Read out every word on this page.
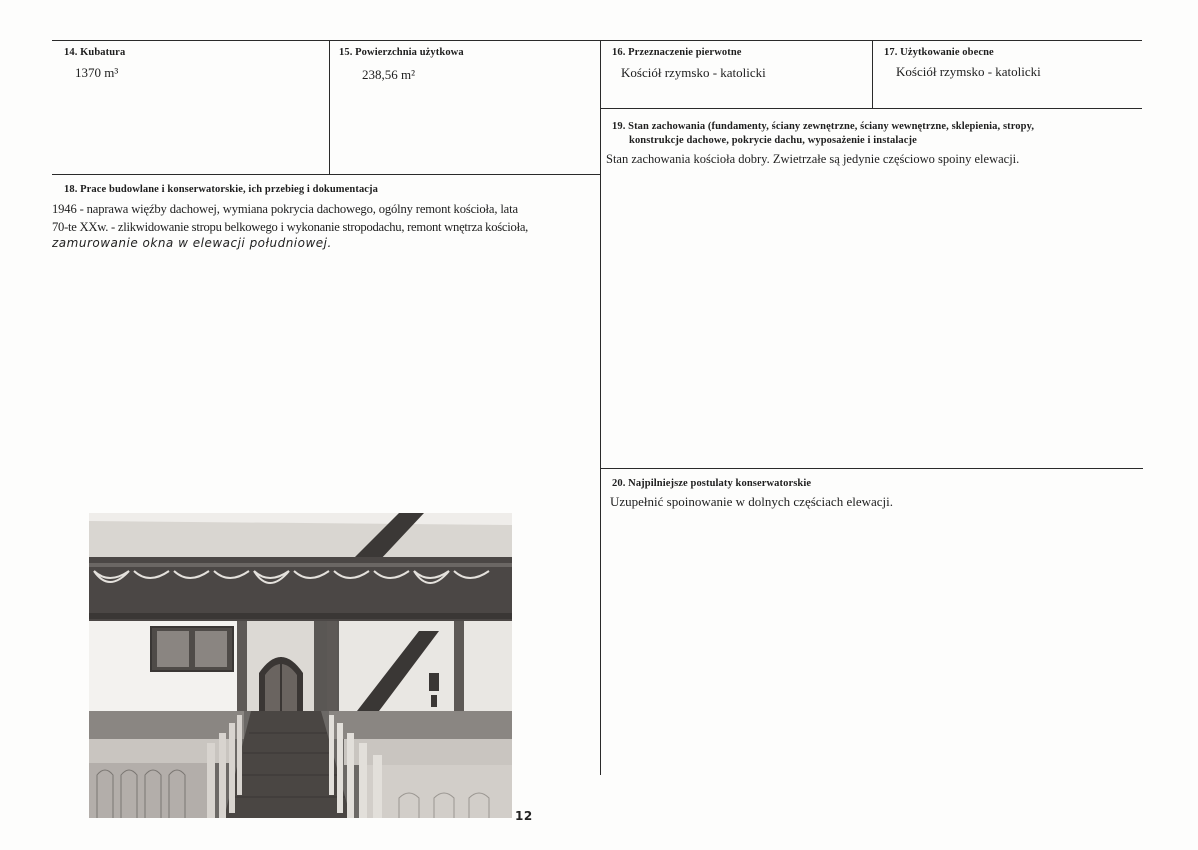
14. Kubatura
1370 m³
15. Powierzchnia użytkowa
238,56 m²
16. Przeznaczenie pierwotne
Kościół rzymsko - katolicki
17. Użytkowanie obecne
Kościół rzymsko - katolicki
19. Stan zachowania (fundamenty, ściany zewnętrzne, ściany wewnętrzne, sklepienia, stropy,
konstrukcje dachowe, pokrycie dachu, wyposażenie i instalacje
Stan zachowania kościoła dobry. Zwietrzałe są jedynie częściowo spoiny elewacji.
18. Prace budowlane i konserwatorskie, ich przebieg i dokumentacja
1946 - naprawa więźby dachowej, wymiana pokrycia dachowego, ogólny remont kościoła, lata
70-te XXw. - zlikwidowanie stropu belkowego i wykonanie stropodachu, remont wnętrza kościoła,
zamurowanie okna w elewacji południowej.
20. Najpilniejsze postulaty konserwatorskie
Uzupełnić spoinowanie w dolnych częściach elewacji.
12
